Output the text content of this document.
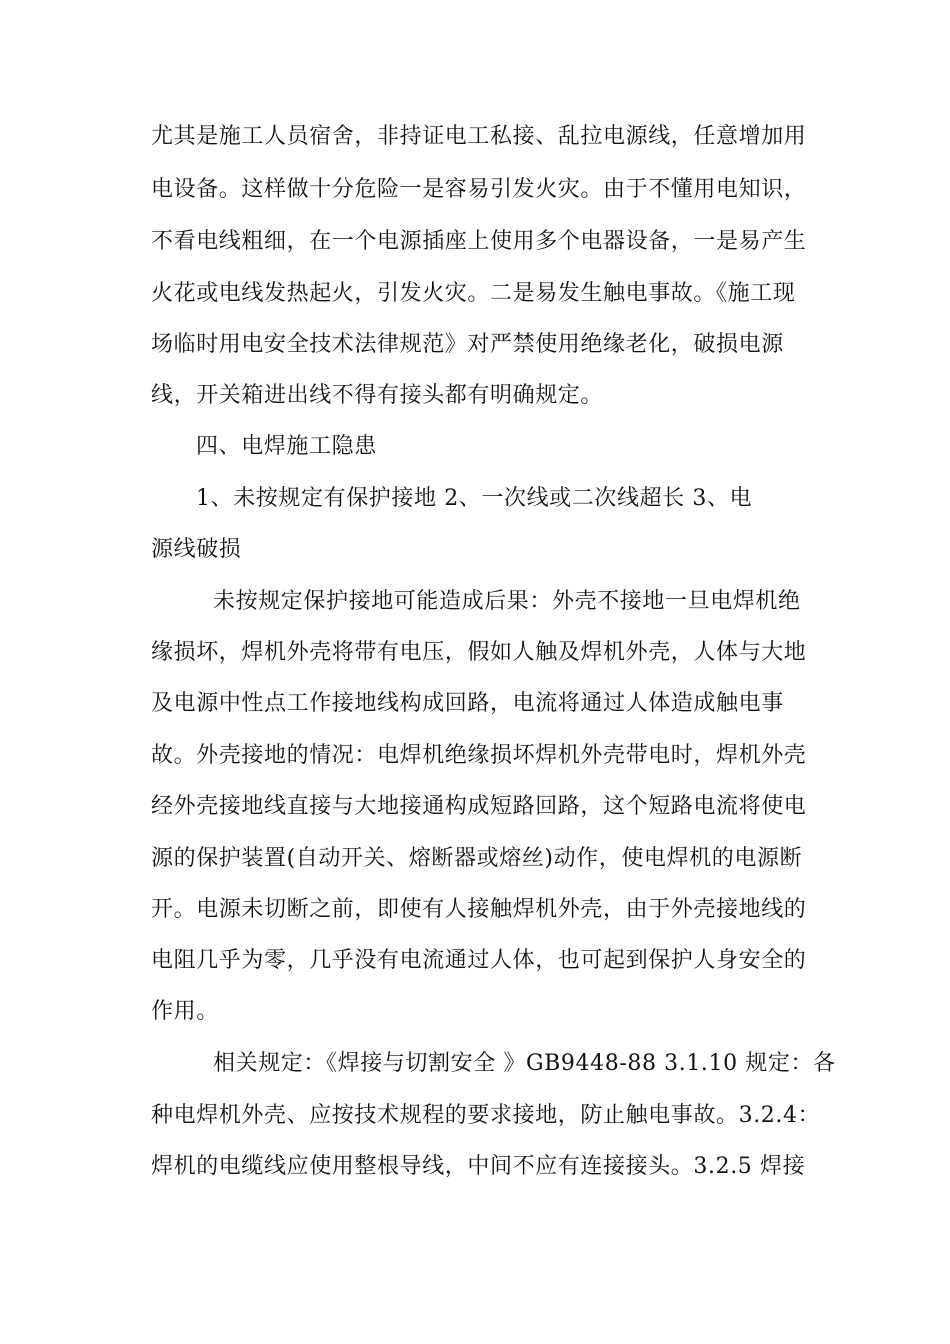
尤其是施工人员宿舍，非持证电工私接、乱拉电源线，任意增加用
电设备。这样做十分危险一是容易引发火灾。由于不懂用电知识，
不看电线粗细，在一个电源插座上使用多个电器设备，一是易产生
火花或电线发热起火，引发火灾。二是易发生触电事故。《施工现
场临时用电安全技术法律规范》对严禁使用绝缘老化，破损电源
线，开关箱进出线不得有接头都有明确规定。
四、电焊施工隐患
1、未按规定有保护接地 2、一次线或二次线超长 3、电
源线破损
未按规定保护接地可能造成后果：外壳不接地一旦电焊机绝
缘损坏，焊机外壳将带有电压，假如人触及焊机外壳，人体与大地
及电源中性点工作接地线构成回路，电流将通过人体造成触电事
故。外壳接地的情况：电焊机绝缘损坏焊机外壳带电时，焊机外壳
经外壳接地线直接与大地接通构成短路回路，这个短路电流将使电
源的保护装置(自动开关、熔断器或熔丝)动作，使电焊机的电源断
开。电源未切断之前，即使有人接触焊机外壳，由于外壳接地线的
电阻几乎为零，几乎没有电流通过人体，也可起到保护人身安全的
作用。
相关规定：《焊接与切割安全 》GB9448-88 3.1.10 规定：各
种电焊机外壳、应按技术规程的要求接地，防止触电事故。3.2.4：
焊机的电缆线应使用整根导线，中间不应有连接接头。3.2.5 焊接
